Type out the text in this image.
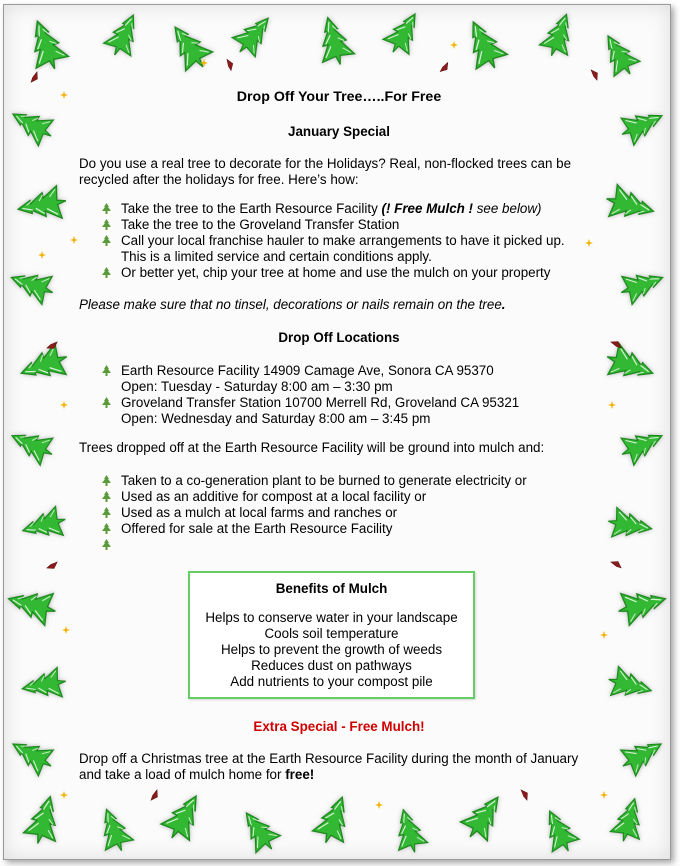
Drop Off Your Tree…..For Free
January Special
Do you use a real tree to decorate for the Holidays? Real, non-flocked trees can be recycled after the holidays for free. Here’s how:
Take the tree to the Earth Resource Facility (! Free Mulch ! see below)
Take the tree to the Groveland Transfer Station
Call your local franchise hauler to make arrangements to have it picked up.
This is a limited service and certain conditions apply.
Or better yet, chip your tree at home and use the mulch on your property
Please make sure that no tinsel, decorations or nails remain on the tree.
Drop Off Locations
Earth Resource Facility 14909 Camage Ave, Sonora CA 95370
Open: Tuesday - Saturday 8:00 am – 3:30 pm
Groveland Transfer Station 10700 Merrell Rd, Groveland CA 95321
Open: Wednesday and Saturday 8:00 am – 3:45 pm
Trees dropped off at the Earth Resource Facility will be ground into mulch and:
Taken to a co-generation plant to be burned to generate electricity or
Used as an additive for compost at a local facility or
Used as a mulch at local farms and ranches or
Offered for sale at the Earth Resource Facility
Benefits of Mulch
Helps to conserve water in your landscape
Cools soil temperature
Helps to prevent the growth of weeds
Reduces dust on pathways
Add nutrients to your compost pile
Extra Special - Free Mulch!
Drop off a Christmas tree at the Earth Resource Facility during the month of January and take a load of mulch home for free!
